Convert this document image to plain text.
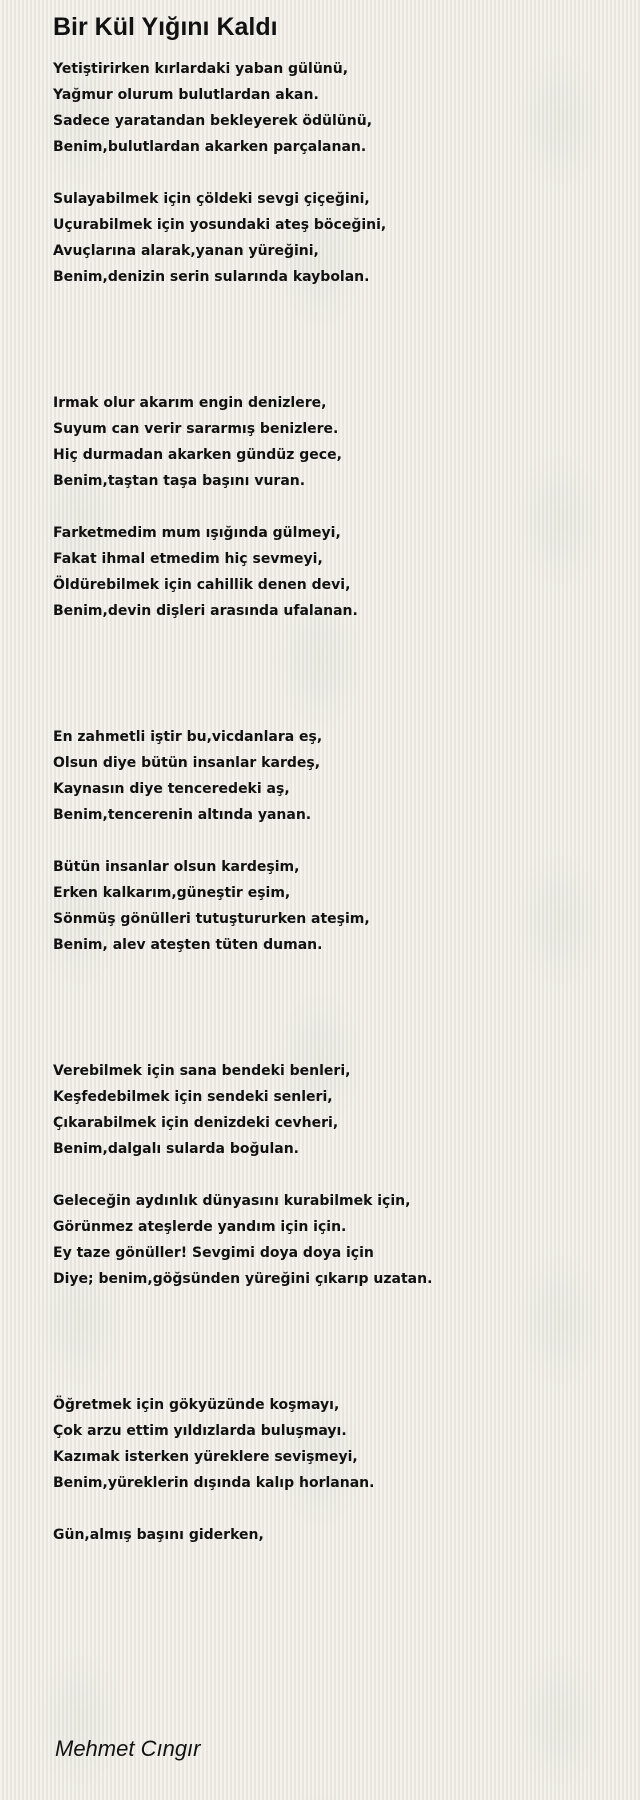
Bir Kül Yığını Kaldı
Yetiştirirken kırlardaki yaban gülünü,
Yağmur olurum bulutlardan akan.
Sadece yaratandan bekleyerek ödülünü,
Benim,bulutlardan akarken parçalanan.
Sulayabilmek için çöldeki sevgi çiçeğini,
Uçurabilmek için yosundaki ateş böceğini,
Avuçlarına alarak,yanan yüreğini,
Benim,denizin serin sularında kaybolan.
Irmak olur akarım engin denizlere,
Suyum can verir sararmış benizlere.
Hiç durmadan akarken gündüz gece,
Benim,taştan taşa başını vuran.
Farketmedim mum ışığında gülmeyi,
Fakat ihmal etmedim hiç sevmeyi,
Öldürebilmek için cahillik denen devi,
Benim,devin dişleri arasında ufalanan.
En zahmetli iştir bu,vicdanlara eş,
Olsun diye bütün insanlar kardeş,
Kaynasın diye tenceredeki aş,
Benim,tencerenin altında yanan.
Bütün insanlar olsun kardeşim,
Erken kalkarım,güneştir eşim,
Sönmüş gönülleri tutuştururken ateşim,
Benim, alev ateşten tüten duman.
Verebilmek için sana bendeki benleri,
Keşfedebilmek için sendeki senleri,
Çıkarabilmek için denizdeki cevheri,
Benim,dalgalı sularda boğulan.
Geleceğin aydınlık dünyasını kurabilmek için,
Görünmez ateşlerde yandım için için.
Ey taze gönüller! Sevgimi doya doya için
Diye; benim,göğsünden yüreğini çıkarıp uzatan.
Öğretmek için gökyüzünde koşmayı,
Çok arzu ettim yıldızlarda buluşmayı.
Kazımak isterken yüreklere sevişmeyi,
Benim,yüreklerin dışında kalıp horlanan.
Gün,almış başını giderken,
Mehmet Cıngır
